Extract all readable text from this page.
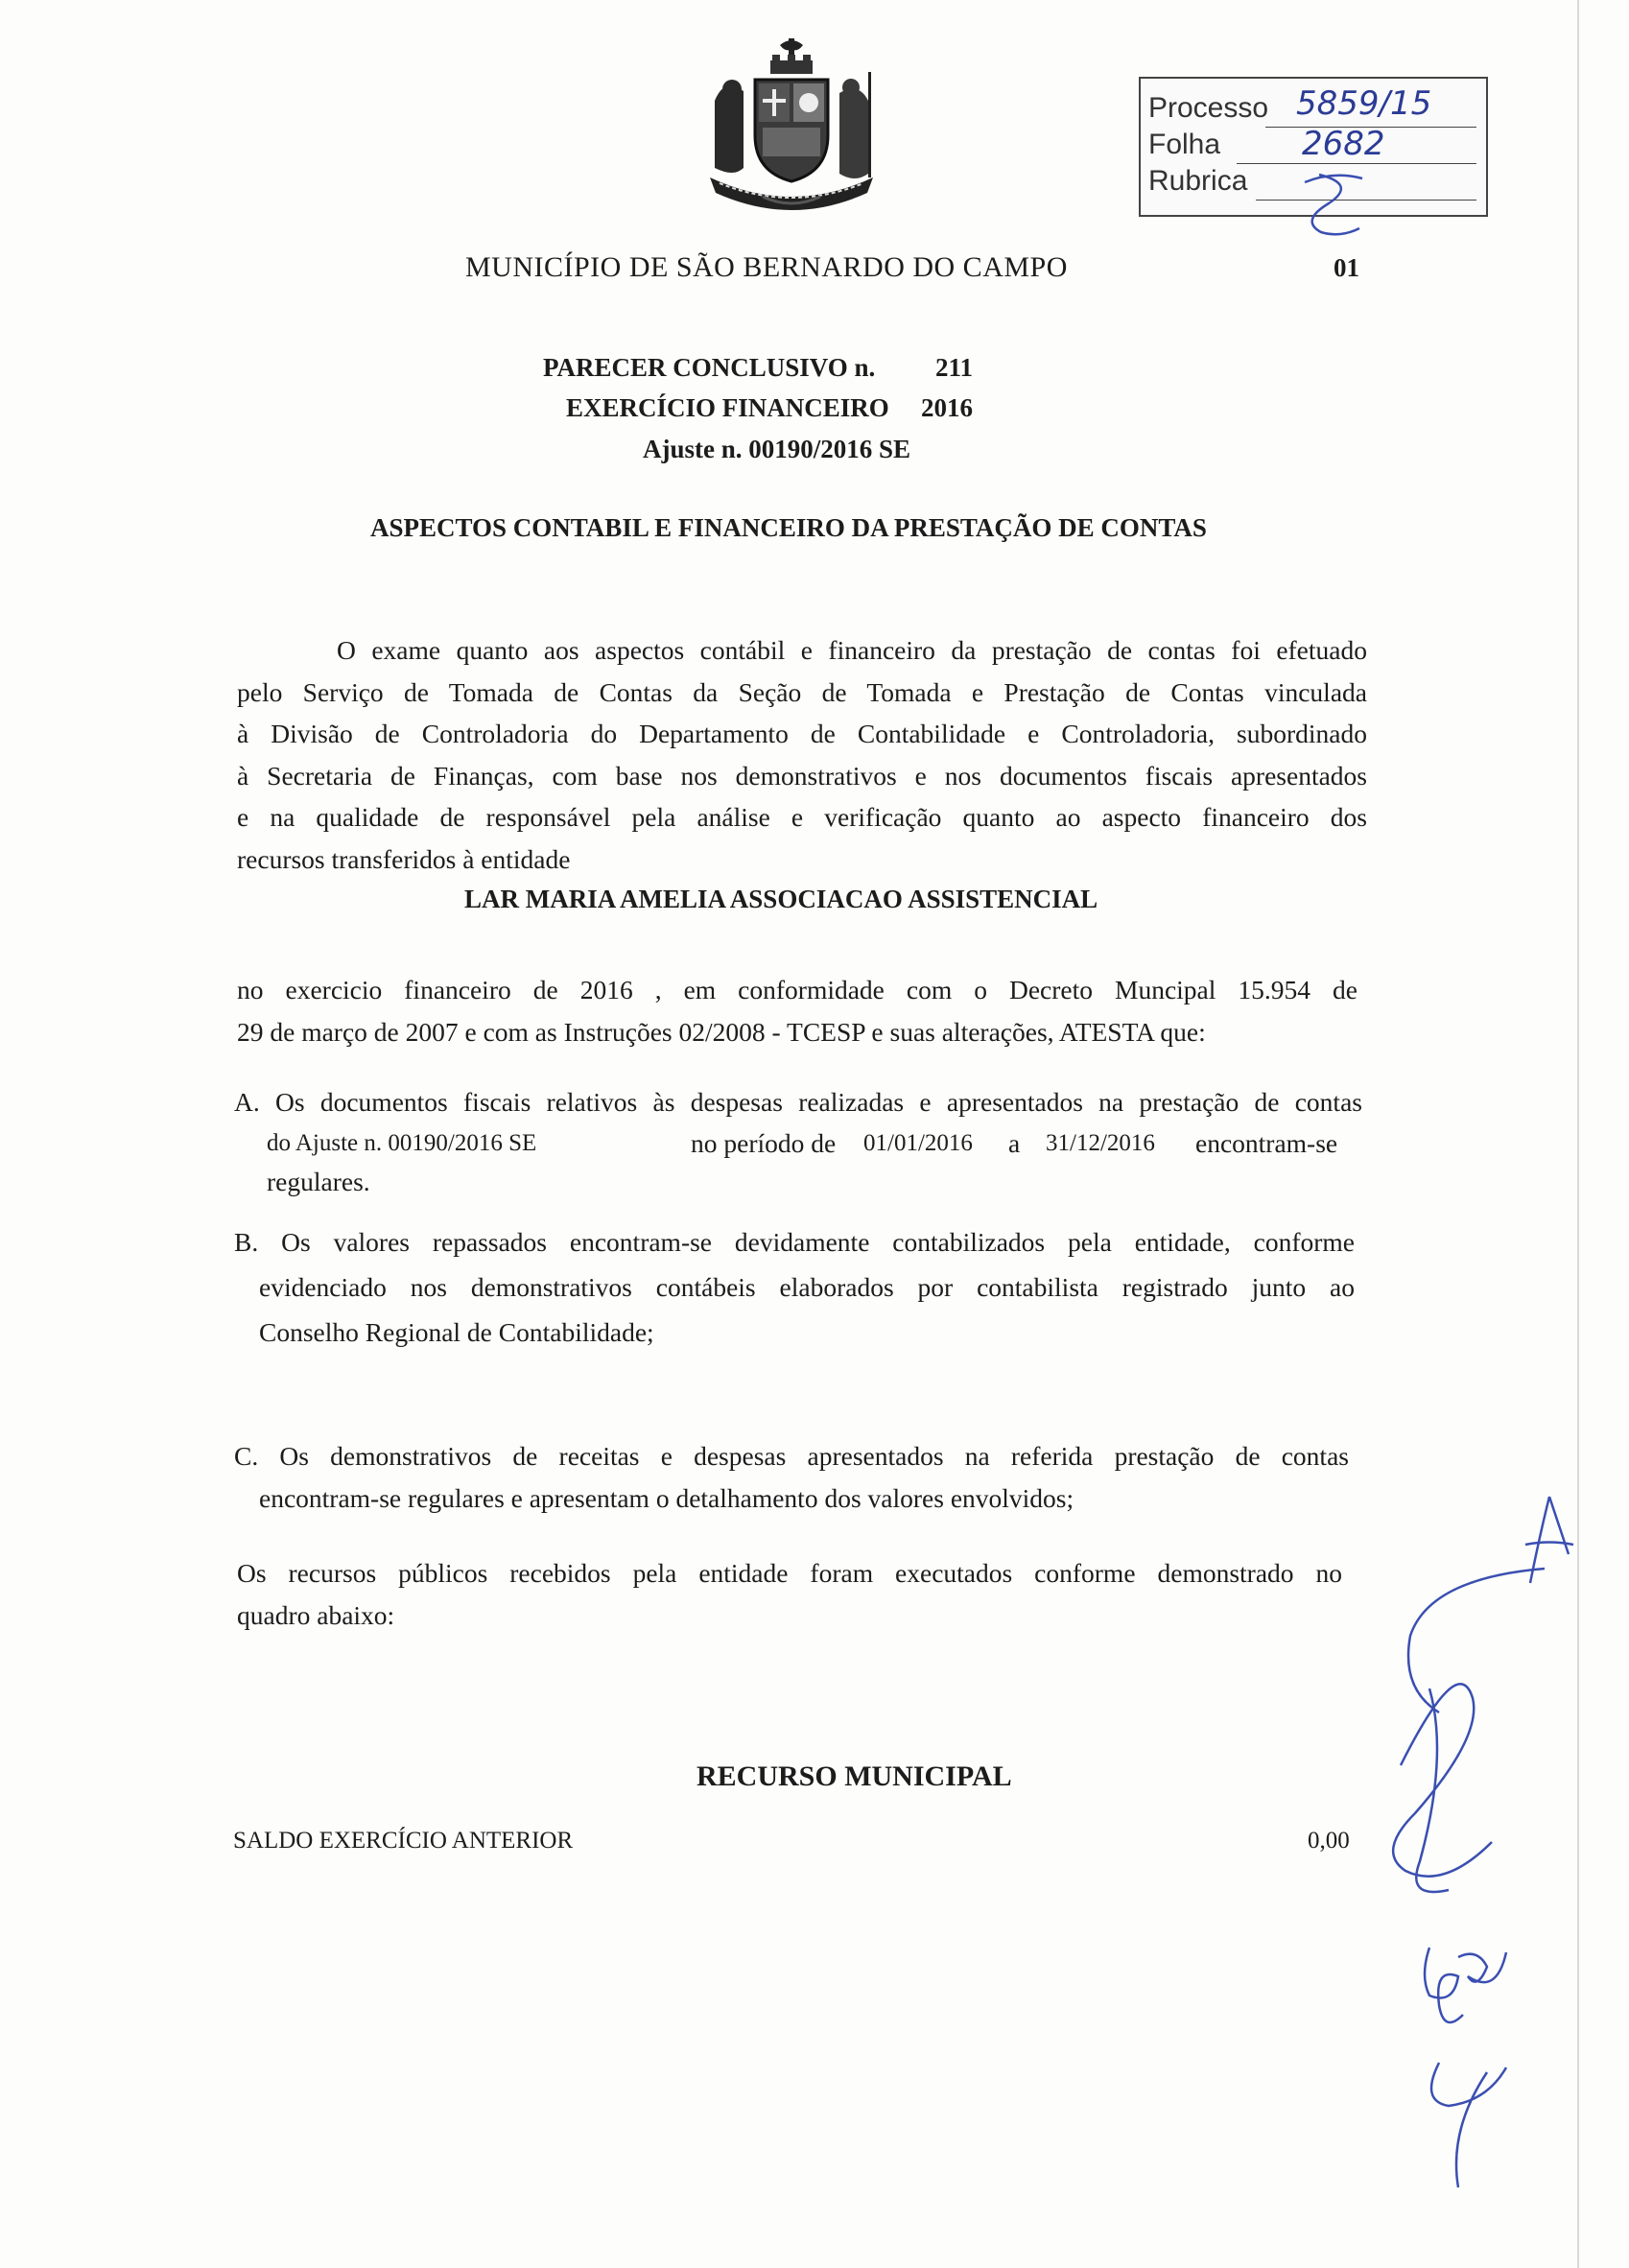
Processo 5859/15
Folha 2682
Rubrica
MUNICÍPIO DE SÃO BERNARDO DO CAMPO	01
PARECER CONCLUSIVO n. 211
EXERCÍCIO FINANCEIRO 2016
Ajuste n. 00190/2016 SE
ASPECTOS CONTABIL E FINANCEIRO DA PRESTAÇÃO DE CONTAS
O exame quanto aos aspectos contábil e financeiro da prestação de contas foi efetuado
pelo Serviço de Tomada de Contas da Seção de Tomada e Prestação de Contas vinculada
à Divisão de Controladoria do Departamento de Contabilidade e Controladoria, subordinado
à Secretaria de Finanças, com base nos demonstrativos e nos documentos fiscais apresentados
e na qualidade de responsável pela análise e verificação quanto ao aspecto financeiro dos
recursos transferidos à entidade
LAR MARIA AMELIA ASSOCIACAO ASSISTENCIAL
no exercicio financeiro de 2016 , em conformidade com o Decreto Muncipal 15.954 de
29 de março de 2007 e com as Instruções 02/2008 - TCESP e suas alterações, ATESTA que:
A. Os documentos fiscais relativos às despesas realizadas e apresentados na prestação de contas
do Ajuste n. 00190/2016 SE	no período de 01/01/2016 a 31/12/2016 encontram-se
regulares.
B. Os valores repassados encontram-se devidamente contabilizados pela entidade, conforme
evidenciado nos demonstrativos contábeis elaborados por contabilista registrado junto ao
Conselho Regional de Contabilidade;
C. Os demonstrativos de receitas e despesas apresentados na referida prestação de contas
encontram-se regulares e apresentam o detalhamento dos valores envolvidos;
Os recursos públicos recebidos pela entidade foram executados conforme demonstrado no
quadro abaixo:
RECURSO MUNICIPAL
SALDO EXERCÍCIO ANTERIOR	0,00
